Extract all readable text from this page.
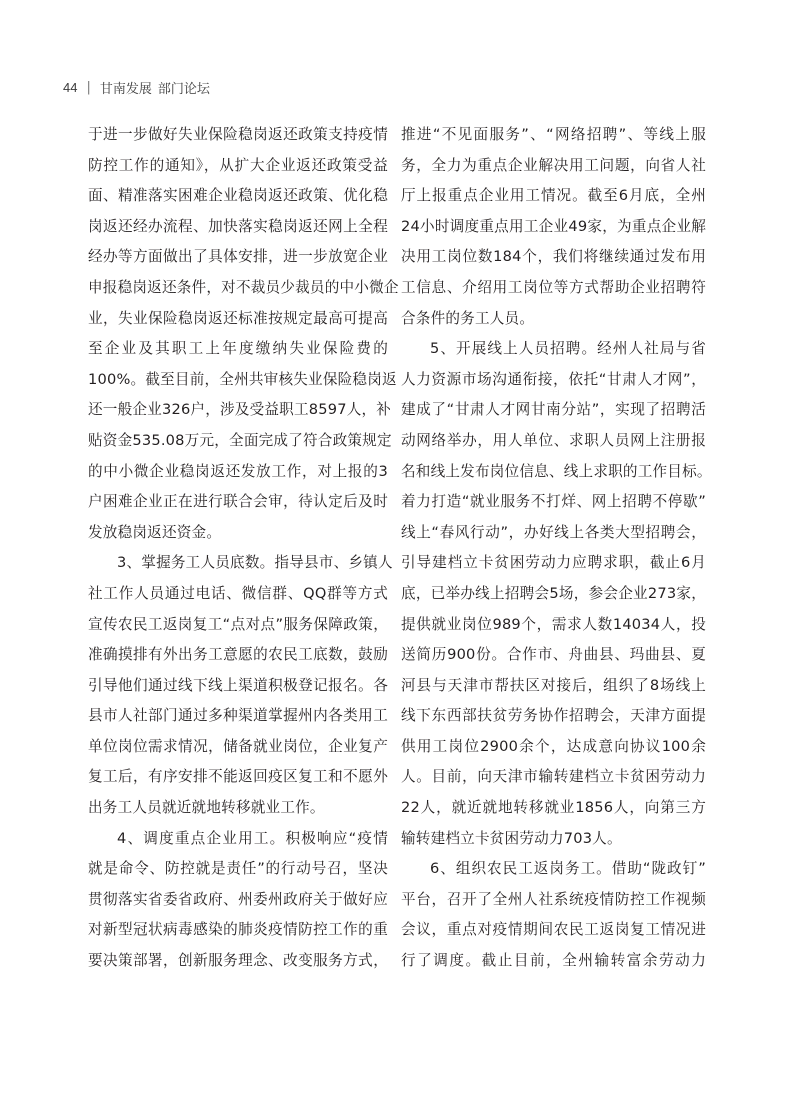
44 | 甘南发展 部门论坛

于进一步做好失业保险稳岗返还政策支持疫情

防控工作的通知》，从扩大企业返还政策受益

面、精准落实困难企业稳岗返还政策、优化稳

岗返还经办流程、加快落实稳岗返还网上全程

经办等方面做出了具体安排，进一步放宽企业

申报稳岗返还条件，对不裁员少裁员的中小微企

业，失业保险稳岗返还标准按规定最高可提高

至企业及其职工上年度缴纳失业保险费的

100%。截至目前，全州共审核失业保险稳岗返

还一般企业326户，涉及受益职工8597人，补

贴资金535.08万元，全面完成了符合政策规定

的中小微企业稳岗返还发放工作，对上报的3

户困难企业正在进行联合会审，待认定后及时

发放稳岗返还资金。

3、掌握务工人员底数。指导县市、乡镇人

社工作人员通过电话、微信群、QQ群等方式

宣传农民工返岗复工“点对点”服务保障政策，

准确摸排有外出务工意愿的农民工底数，鼓励

引导他们通过线下线上渠道积极登记报名。各

县市人社部门通过多种渠道掌握州内各类用工

单位岗位需求情况，储备就业岗位，企业复产

复工后，有序安排不能返回疫区复工和不愿外

出务工人员就近就地转移就业工作。

4、调度重点企业用工。积极响应“疫情

就是命令、防控就是责任”的行动号召，坚决

贯彻落实省委省政府、州委州政府关于做好应

对新型冠状病毒感染的肺炎疫情防控工作的重

要决策部署，创新服务理念、改变服务方式，

推进“不见面服务”、“网络招聘”、等线上服

务，全力为重点企业解决用工问题，向省人社

厅上报重点企业用工情况。截至6月底，全州

24小时调度重点用工企业49家，为重点企业解

决用工岗位数184个，我们将继续通过发布用

工信息、介绍用工岗位等方式帮助企业招聘符

合条件的务工人员。

5、开展线上人员招聘。经州人社局与省

人力资源市场沟通衔接，依托“甘肃人才网”，

建成了“甘肃人才网甘南分站”，实现了招聘活

动网络举办，用人单位、求职人员网上注册报

名和线上发布岗位信息、线上求职的工作目标。

着力打造“就业服务不打烊、网上招聘不停歇”

线上“春风行动”，办好线上各类大型招聘会，

引导建档立卡贫困劳动力应聘求职，截止6月

底，已举办线上招聘会5场，参会企业273家，

提供就业岗位989个，需求人数14034人，投

送简历900份。合作市、舟曲县、玛曲县、夏

河县与天津市帮扶区对接后，组织了8场线上

线下东西部扶贫劳务协作招聘会，天津方面提

供用工岗位2900余个，达成意向协议100余

人。目前，向天津市输转建档立卡贫困劳动力

22人，就近就地转移就业1856人，向第三方

输转建档立卡贫困劳动力703人。

6、组织农民工返岗务工。借助“陇政钉”

平台，召开了全州人社系统疫情防控工作视频

会议，重点对疫情期间农民工返岗复工情况进

行了调度。截止目前，全州输转富余劳动力
